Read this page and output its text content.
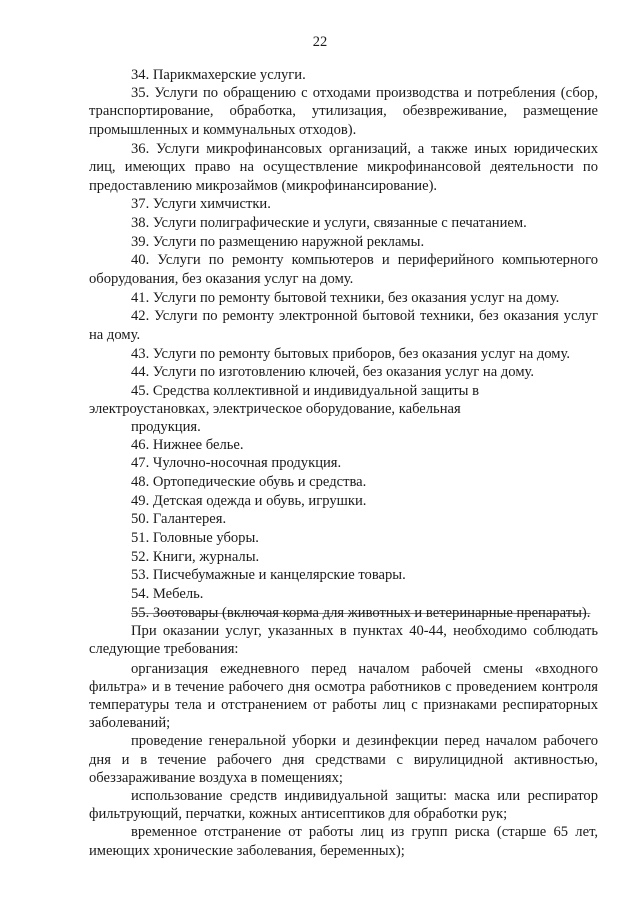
22

34. Парикмахерские услуги.

35. Услуги по обращению с отходами производства и потребления (сбор, транспортирование, обработка, утилизация, обезвреживание, размещение промышленных и коммунальных отходов).

36. Услуги микрофинансовых организаций, а также иных юридических лиц, имеющих право на осуществление микрофинансовой деятельности по предоставлению микрозаймов (микрофинансирование).

37. Услуги химчистки.

38. Услуги полиграфические и услуги, связанные с печатанием.

39. Услуги по размещению наружной рекламы.

40. Услуги по ремонту компьютеров и периферийного компьютерного оборудования, без оказания услуг на дому.

41. Услуги по ремонту бытовой техники, без оказания услуг на дому.

42. Услуги по ремонту электронной бытовой техники, без оказания услуг на дому.

43. Услуги по ремонту бытовых приборов, без оказания услуг на дому.

44. Услуги по изготовлению ключей, без оказания услуг на дому.

45. Средства коллективной и индивидуальной защиты в электроустановках, электрическое оборудование, кабельная

продукция.

46. Нижнее белье.

47. Чулочно-носочная продукция.

48. Ортопедические обувь и средства.

49. Детская одежда и обувь, игрушки.

50. Галантерея.

51. Головные уборы.

52. Книги, журналы.

53. Писчебумажные и канцелярские товары.

54. Мебель.

55. Зоотовары (включая корма для животных и ветеринарные препараты).

При оказании услуг, указанных в пунктах 40-44, необходимо соблюдать следующие требования:

организация ежедневного перед началом рабочей смены «входного фильтра» и в течение рабочего дня осмотра работников с проведением контроля температуры тела и отстранением от работы лиц с признаками респираторных заболеваний;

проведение генеральной уборки и дезинфекции перед началом рабочего дня и в течение рабочего дня средствами с вирулицидной активностью, обеззараживание воздуха в помещениях;

использование средств индивидуальной защиты: маска или респиратор фильтрующий, перчатки, кожных антисептиков для обработки рук;

временное отстранение от работы лиц из групп риска (старше 65 лет, имеющих хронические заболевания, беременных);
